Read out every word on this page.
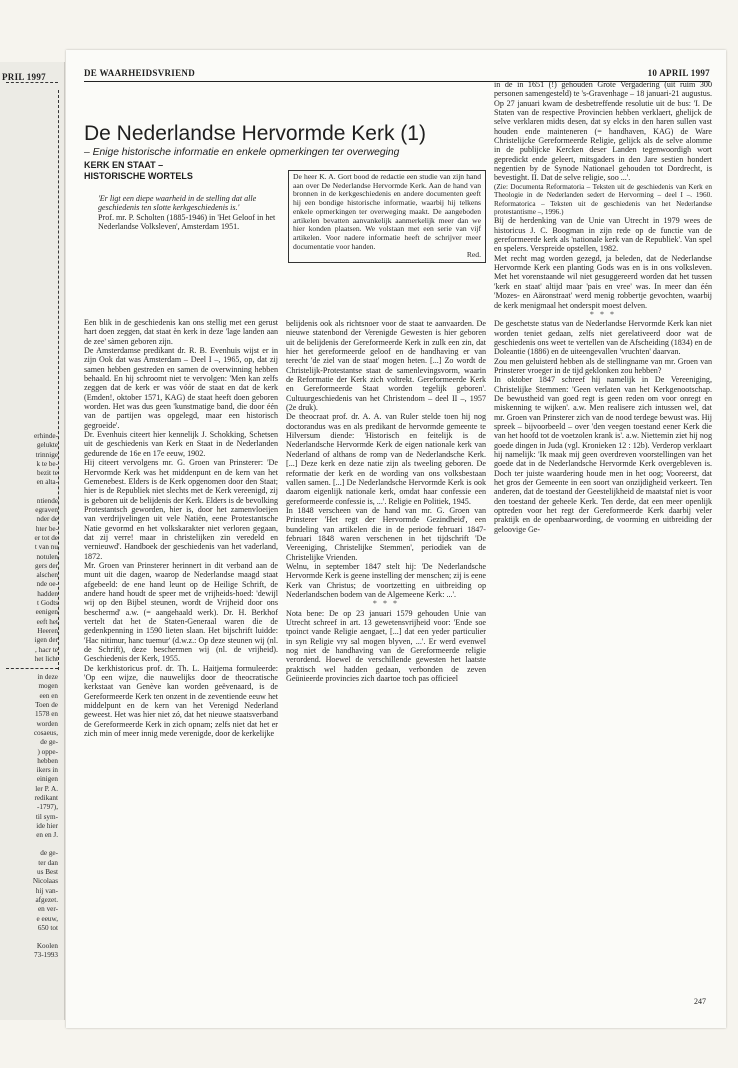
PRIL 1997
erhinde-
gelukte
trinnige
k te be-
bezit te
en alta-
ntiende
egraven
nder de
hter be-
er tot de
t van nu
notulen
gers der
alschen
nde oe-
hadden
t Godts
eenigen
eeft het
Heeren
igen der
, hacr te
het licht
in deze
mogen
een en
Toen de
1578 en
worden
cosaeus,
de ge-
) oppe-
hebben
ikers in
einigen
ler P. A.
redikant
-1797),
til sym-
ide hier
en en J.
de ge-
ter dan
us Best
Nicolaas
hij van-
afgezet.
en ver-
e eeuw,
650 tot
Koolen
73-1993
DE WAARHEIDSVRIEND	10 APRIL 1997
De Nederlandse Hervormde Kerk (1)
– Enige historische informatie en enkele opmerkingen ter overweging
KERK EN STAAT –
HISTORISCHE WORTELS
'Er ligt een diepe waarheid in de stelling dat alle geschiedenis ten slotte kerkgeschiedenis is.'
Prof. mr. P. Scholten (1885-1946) in 'Het Geloof in het Nederlandse Volksleven', Amsterdam 1951.
De heer K. A. Gort bood de redactie een studie van zijn hand aan over De Nederlandse Hervormde Kerk. Aan de hand van bronnen in de kerkgeschiedenis en andere documenten geeft hij een bondige historische informatie, waarbij hij telkens enkele opmerkingen ter overweging maakt. De aangeboden artikelen bevatten aanvankelijk aanmerkelijk meer dan we hier konden plaatsen. We volstaan met een serie van vijf artikelen. Voor nadere informatie heeft de schrijver meer documentatie voor handen.
Red.

Een blik in de geschiedenis kan ons stellig met een gerust hart doen zeggen, dat staat èn kerk in deze 'lage landen aan de zee' sàmen geboren zijn.

De Amsterdamse predikant dr. R. B. Evenhuis wijst er in zijn Ook dat was Amsterdam – Deel I –, 1965, op, dat zij samen hebben gestreden en samen de overwinning hebben behaald. En hij schroomt niet te vervolgen: 'Men kan zelfs zeggen dat de kerk er was vóór de staat en dat de kerk (Emden!, oktober 1571, KAG) de staat heeft doen geboren worden. Het was dus geen 'kunstmatige band, die door één van de partijen was opgelegd, maar een historisch gegroeide'.

Dr. Evenhuis citeert hier kennelijk J. Schokking, Schetsen uit de geschiedenis van Kerk en Staat in de Nederlanden gedurende de 16e en 17e eeuw, 1902.

Hij citeert vervolgens mr. G. Groen van Prinsterer: 'De Hervormde Kerk was het middenpunt en de kern van het Gemenebest. Elders is de Kerk opgenomen door den Staat; hier is de Republiek niet slechts met de Kerk vereenigd, zij is geboren uit de belijdenis der Kerk. Elders is de bevolking Protestantsch geworden, hier is, door het zamenvloeijen van verdrijvelingen uit vele Natiën, eene Protestantsche Natie gevormd en het volkskarakter niet verloren gegaan, dat zij verre! maar in christelijken zin veredeld en vernieuwd'. Handboek der geschiedenis van het vaderland, 1872.

Mr. Groen van Prinsterer herinnert in dit verband aan de munt uit die dagen, waarop de Nederlandse maagd staat afgebeeld: de ene hand leunt op de Heilige Schrift, de andere hand houdt de speer met de vrijheids-hoed: 'dewijl wij op den Bijbel steunen, wordt de Vrijheid door ons beschermd' a.w. (= aangehaald werk). Dr. H. Berkhof vertelt dat het de Staten-Generaal waren die de gedenkpenning in 1590 lieten slaan. Het bijschrift luidde: 'Hac nitimur, hanc tuemur' (d.w.z.: Op deze steunen wij (nl. de Schrift), deze beschermen wij (nl. de vrijheid). Geschiedenis der Kerk, 1955.

De kerkhistoricus prof. dr. Th. L. Haitjema formuleerde: 'Op een wijze, die nauwelijks door de theocratische kerkstaat van Genève kan worden geëvenaard, is de Gereformeerde Kerk ten onzent in de zeventiende eeuw het middelpunt en de kern van het Verenigd Nederland geweest. Het was hier niet zó, dat het nieuwe staatsverband de Gereformeerde Kerk in zich opnam; zelfs niet dat het er zich min of meer innig mede verenigde, door de kerkelijke

belijdenis ook als richtsnoer voor de staat te aanvaarden. De nieuwe statenbond der Verenigde Gewesten is hier geboren uit de belijdenis der Gereformeerde Kerk in zulk een zin, dat hier het gereformeerde geloof en de handhaving er van terecht 'de ziel van de staat' mogen heten. [...] Zo wordt de Christelijk-Protestantse staat de samenlevingsvorm, waarin de Reformatie der Kerk zich voltrekt. Gereformeerde Kerk en Gereformeerde Staat worden tegelijk geboren'. Cultuurgeschiedenis van het Christendom – deel II –, 1957 (2e druk).

De theocraat prof. dr. A. A. van Ruler stelde toen hij nog doctorandus was en als predikant de hervormde gemeente te Hilversum diende: 'Historisch en feitelijk is de Nederlandsche Hervormde Kerk de eigen nationale kerk van Nederland of althans de romp van de Nederlandsche Kerk. [...] Deze kerk en deze natie zijn als tweeling geboren. De reformatie der kerk en de wording van ons volksbestaan vallen samen. [...] De Nederlandsche Hervormde Kerk is ook daarom eigenlijk nationale kerk, omdat haar confessie een gereformeerde confessie is, ...'. Religie en Politiek, 1945.

In 1848 verscheen van de hand van mr. G. Groen van Prinsterer 'Het regt der Hervormde Gezindheid', een bundeling van artikelen die in de periode februari 1847-februari 1848 waren verschenen in het tijdschrift 'De Vereeniging, Christelijke Stemmen', periodiek van de Christelijke Vrienden.

Welnu, in september 1847 stelt hij: 'De Nederlandsche Hervormde Kerk is geene instelling der menschen; zij is eene Kerk van Christus; de voortzetting en uitbreiding op Nederlandschen bodem van de Algemeene Kerk: ...'.

* * *

Nota bene: De op 23 januari 1579 gehouden Unie van Utrecht schreef in art. 13 gewetensvrijheid voor: 'Ende soe tpoinct vande Religie aengaet, [...] dat een yeder particulier in syn Religie vry sal mogen blyven, ...'. Er werd evenwel nog niet de handhaving van de Gereformeerde religie verordend. Hoewel de verschillende gewesten het laatste praktisch wel hadden gedaan, verbonden de zeven Geünieerde provincies zich daartoe toch pas officieel

in de in 1651 (!) gehouden Grote Vergadering (uit ruim 300 personen samengesteld) te 's-Gravenhage – 18 januari-21 augustus. Op 27 januari kwam de desbetreffende resolutie uit de bus: 'I. De Staten van de respective Provincien hebben verklaert, ghelijck de selve verklaren midts desen, dat sy elcks in den haren sullen vast houden ende mainteneren (= handhaven, KAG) de Ware Christelijcke Gereformeerde Religie, gelijck als de selve alomme in de publijcke Kercken deser Landen tegenwoordigh wort gepredickt ende geleert, mitsgaders in den Jare sestien hondert negentien by de Synode Nationael gehouden tot Dordrecht, is bevestight. II. Dat de selve religie, soo ...'.

(Zie: Documenta Reformatoria – Teksten uit de geschiedenis van Kerk en Theologie in de Nederlanden sedert de Hervorming – deel I –. 1960. Reformatorica – Teksten uit de geschiedenis van het Nederlandse protestantisme –, 1996.)

Bij de herdenking van de Unie van Utrecht in 1979 wees de historicus J. C. Boogman in zijn rede op de functie van de gereformeerde kerk als 'nationale kerk van de Republiek'. Van spel en spelers. Verspreide opstellen, 1982.

Met recht mag worden gezegd, ja beleden, dat de Nederlandse Hervormde Kerk een planting Gods was en is in ons volksleven. Met het vorenstaande wil niet gesuggereerd worden dat het tussen 'kerk en staat' altijd maar 'pais en vree' was. In meer dan één 'Mozes- en Aäronstraat' werd menig robbertje gevochten, waarbij de kerk menigmaal het onderspit moest delven.

* * *

De geschetste status van de Nederlandse Hervormde Kerk kan niet worden teniet gedaan, zelfs niet gerelativeerd door wat de geschiedenis ons weet te vertellen van de Afscheiding (1834) en de Doleantie (1886) en de uiteengevallen 'vruchten' daarvan.

Zou men geluisterd hebben als de stellingname van mr. Groen van Prinsterer vroeger in de tijd geklonken zou hebben?

In oktober 1847 schreef hij namelijk in De Vereeniging, Christelijke Stemmen: 'Geen verlaten van het Kerkgenootschap. De bewustheid van goed regt is geen reden om voor onregt en miskenning te wijken'. a.w. Men realisere zich intussen wel, dat mr. Groen van Prinsterer zich van de nood terdege bewust was. Hij spreek – bijvoorbeeld – over 'den veegen toestand eener Kerk die van het hoofd tot de voetzolen krank is'. a.w. Niettemin ziet hij nog goede dingen in Juda (vgl. Kronieken 12 : 12b). Verderop verklaart hij namelijk: 'Ik maak mij geen overdreven voorstellingen van het goede dat in de Nederlandsche Hervormde Kerk overgebleven is. Doch ter juiste waardering houde men in het oog; Vooreerst, dat het gros der Gemeente in een soort van onzijdigheid verkeert. Ten anderen, dat de toestand der Geestelijkheid de maatstaf niet is voor den toestand der geheele Kerk. Ten derde, dat een meer openlijk optreden voor het regt der Gereformeerde Kerk daarbij veler praktijk en de openbaarwording, de voorming en uitbreiding der geloovige Ge-

247
